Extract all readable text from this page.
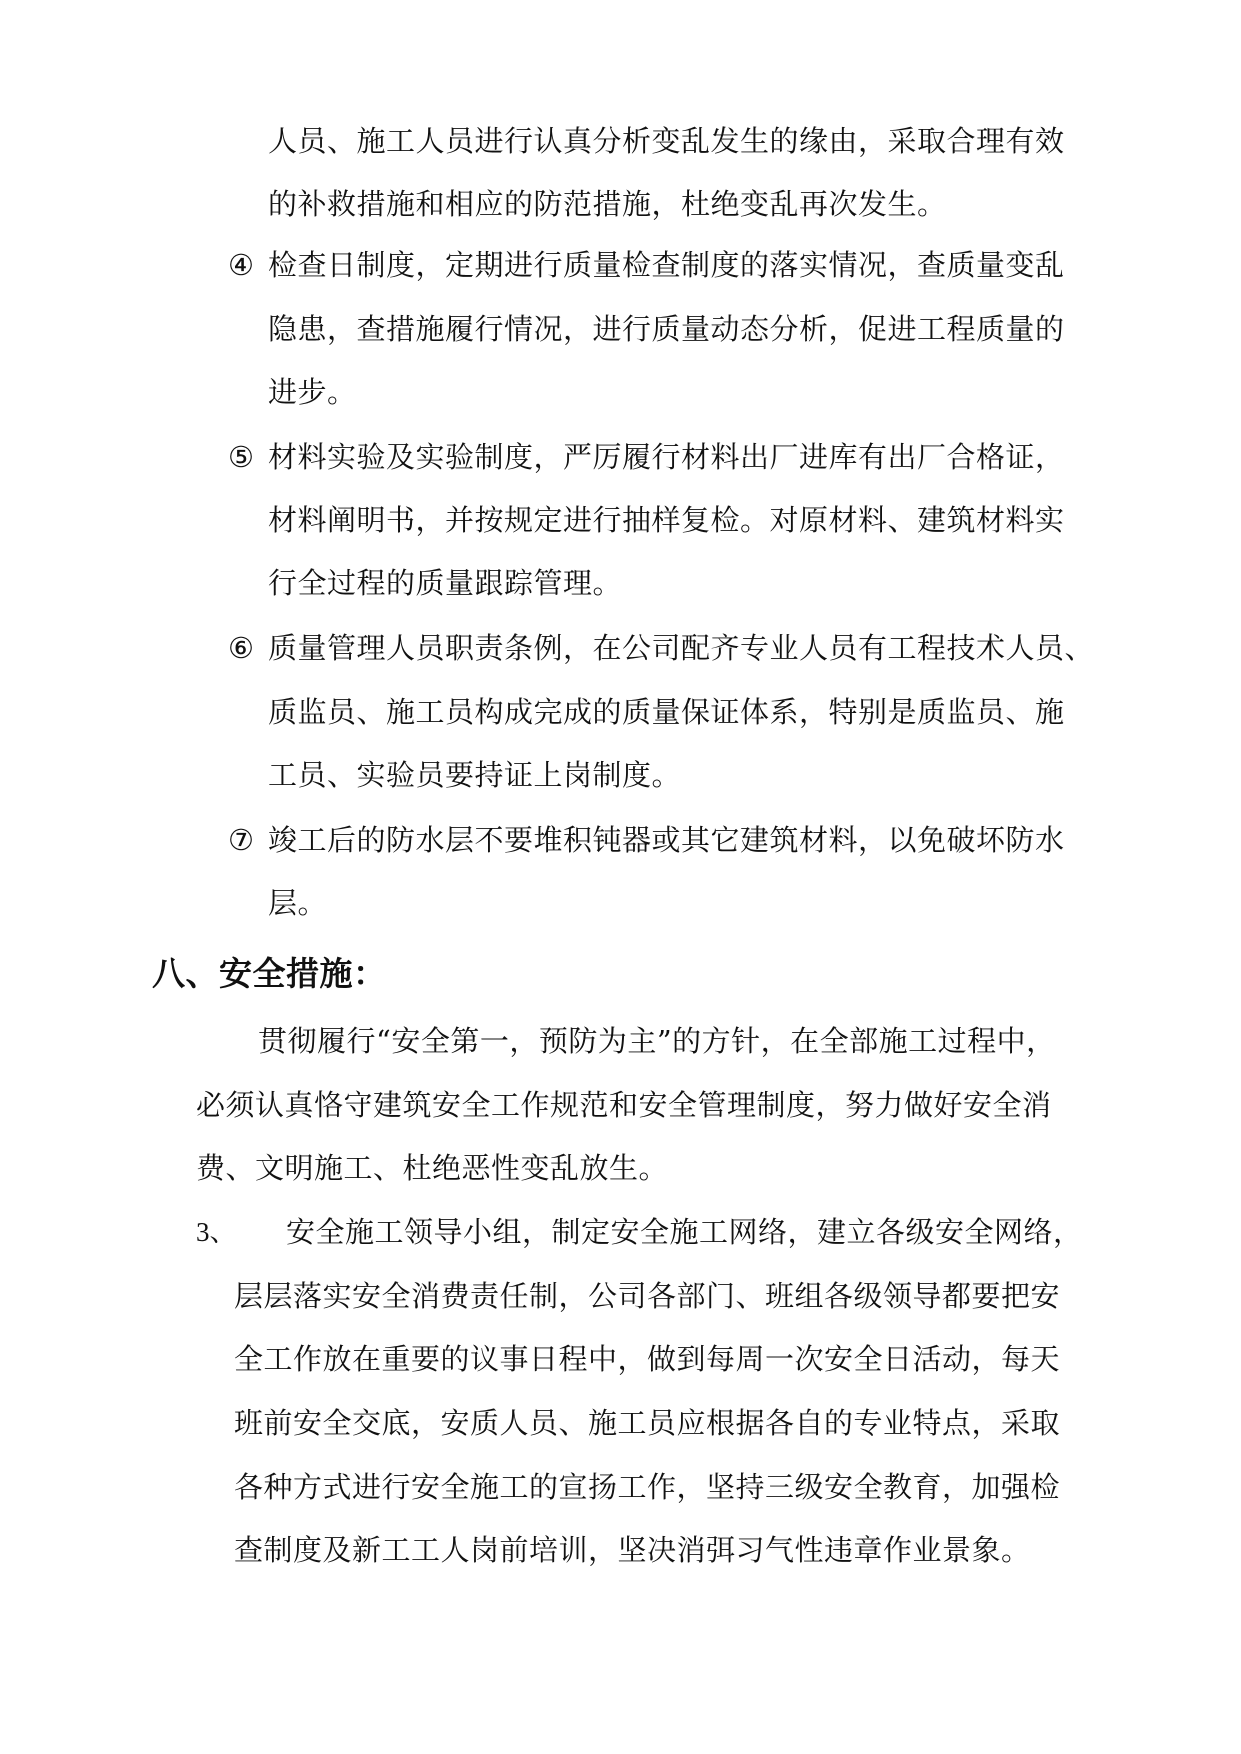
人员、施工人员进行认真分析变乱发生的缘由，采取合理有效
的补救措施和相应的防范措施，杜绝变乱再次发生。
④ 检查日制度，定期进行质量检查制度的落实情况，查质量变乱
隐患，查措施履行情况，进行质量动态分析，促进工程质量的
进步。
⑤ 材料实验及实验制度，严厉履行材料出厂进库有出厂合格证，
材料阐明书，并按规定进行抽样复检。对原材料、建筑材料实
行全过程的质量跟踪管理。
⑥ 质量管理人员职责条例，在公司配齐专业人员有工程技术人员、
质监员、施工员构成完成的质量保证体系，特别是质监员、施
工员、实验员要持证上岗制度。
⑦ 竣工后的防水层不要堆积钝器或其它建筑材料，以免破坏防水
层。
八、安全措施：
贯彻履行“安全第一，预防为主”的方针，在全部施工过程中，
必须认真恪守建筑安全工作规范和安全管理制度，努力做好安全消
费、文明施工、杜绝恶性变乱放生。
3、 安全施工领导小组，制定安全施工网络，建立各级安全网络，
层层落实安全消费责任制，公司各部门、班组各级领导都要把安
全工作放在重要的议事日程中，做到每周一次安全日活动，每天
班前安全交底，安质人员、施工员应根据各自的专业特点，采取
各种方式进行安全施工的宣扬工作，坚持三级安全教育，加强检
查制度及新工工人岗前培训，坚决消弭习气性违章作业景象。
